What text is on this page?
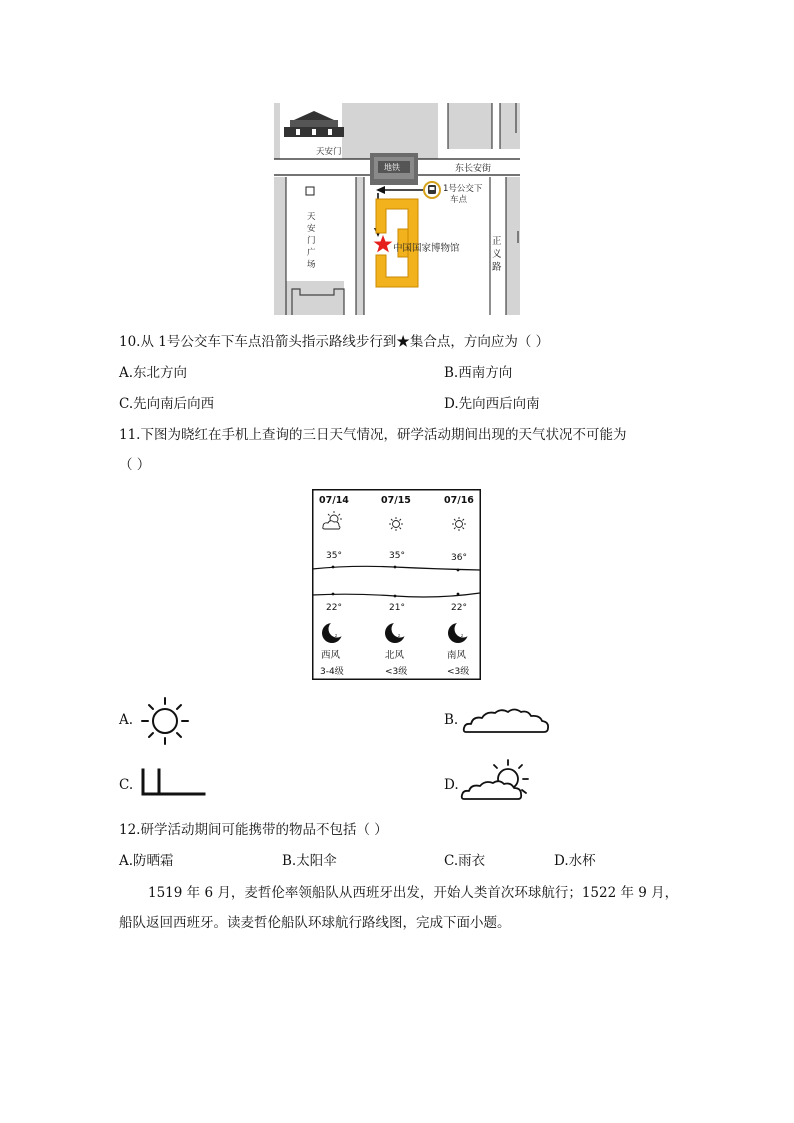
天安门
地铁	东长安街
1号公交下
车点
中国国家博物馆
天
安
门
广
场
正
义
路
10.从 1号公交车下车点沿箭头指示路线步行到★集合点，方向应为（ ）
A.东北方向	B.西南方向
C.先向南后向西	D.先向西后向南
11.下图为晓红在手机上查询的三日天气情况，研学活动期间出现的天气状况不可能为
（ ）
07/14	07/15	07/16
35°	35°	36°
22°	21°	22°
z	z	z
西风	北风	南风
3-4级	<3级	<3级
A.	B.
C.	D.
12.研学活动期间可能携带的物品不包括（ ）
A.防晒霜	B.太阳伞	C.雨衣	D.水杯
1519 年 6 月，麦哲伦率领船队从西班牙出发，开始人类首次环球航行；1522 年 9 月，
船队返回西班牙。读麦哲伦船队环球航行路线图，完成下面小题。
